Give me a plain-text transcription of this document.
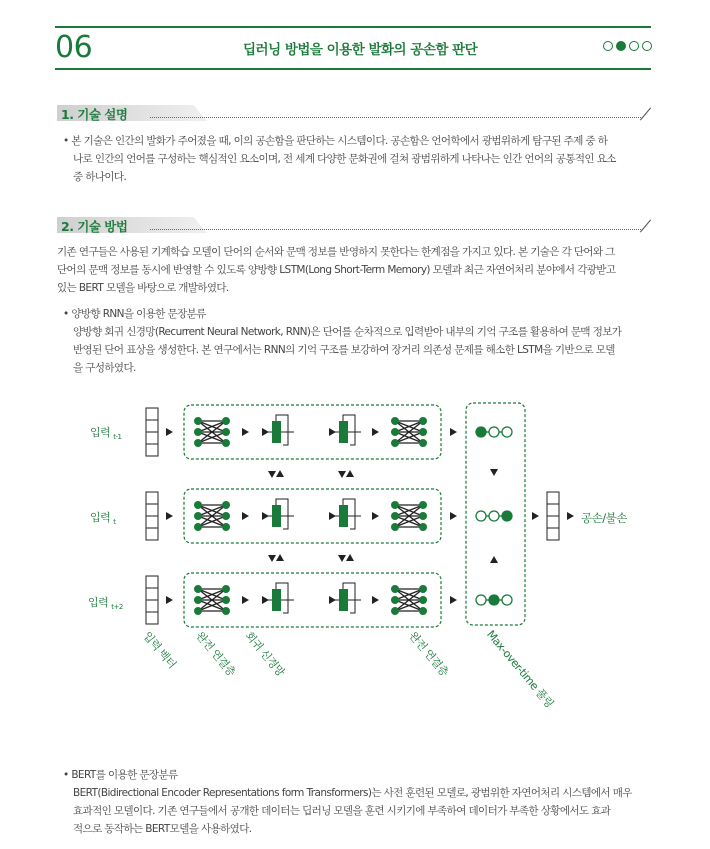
06	딥러닝 방법을 이용한 발화의 공손함 판단
1. 기술 설명
• 본 기술은 인간의 발화가 주어졌을 때, 이의 공손함을 판단하는 시스템이다. 공손함은 언어학에서 광범위하게 탐구된 주제 중 하
나로 인간의 언어를 구성하는 핵심적인 요소이며, 전 세계 다양한 문화권에 걸쳐 광범위하게 나타나는 인간 언어의 공통적인 요소
중 하나이다.
2. 기술 방법
기존 연구들은 사용된 기계학습 모델이 단어의 순서와 문맥 정보를 반영하지 못한다는 한계점을 가지고 있다. 본 기술은 각 단어와 그
단어의 문맥 정보를 동시에 반영할 수 있도록 양방향 LSTM(Long Short-Term Memory) 모델과 최근 자연어처리 분야에서 각광받고
있는 BERT 모델을 바탕으로 개발하였다.
• 양방향 RNN을 이용한 문장분류
양방향 회귀 신경망(Recurrent Neural Network, RNN)은 단어를 순차적으로 입력받아 내부의 기억 구조를 활용하여 문맥 정보가
반영된 단어 표상을 생성한다. 본 연구에서는 RNN의 기억 구조를 보강하여 장거리 의존성 문제를 해소한 LSTM을 기반으로 모델
을 구성하였다.
입력 $_{t-1}$
입력 $_t$
입력 $_{t+2}$
공손/불손
입력 벡터 완전 연결층 회귀 신경망	완전 연결층	Max-over-time 풀링
• BERT를 이용한 문장분류
BERT(Bidirectional Encoder Representations form Transformers)는 사전 훈련된 모델로, 광범위한 자연어처리 시스템에서 매우
효과적인 모델이다. 기존 연구들에서 공개한 데이터는 딥러닝 모델을 훈련 시키기에 부족하여 데이터가 부족한 상황에서도 효과
적으로 동작하는 BERT모델을 사용하였다.
